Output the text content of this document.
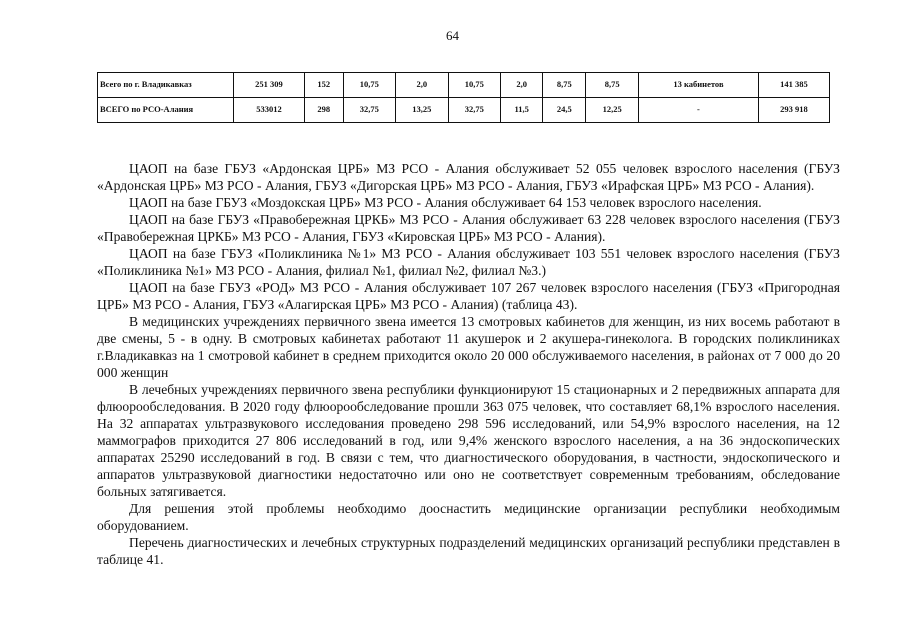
64
Всего по г. Владикавказ	251 309	152	10,75	2,0	10,75	2,0	8,75	8,75	13 кабинетов	141 385
ВСЕГО по РСО-Алания	533012	298	32,75	13,25	32,75	11,5	24,5	12,25	-	293 918

ЦАОП на базе ГБУЗ «Ардонская ЦРБ» МЗ РСО - Алания обслуживает 52 055 человек взрослого населения (ГБУЗ «Ардонская ЦРБ» МЗ РСО - Алания, ГБУЗ «Дигорская ЦРБ» МЗ РСО - Алания, ГБУЗ «Ирафская ЦРБ» МЗ РСО - Алания).

ЦАОП на базе ГБУЗ «Моздокская ЦРБ» МЗ РСО - Алания обслуживает 64 153 человек взрослого населения.

ЦАОП на базе ГБУЗ «Правобережная ЦРКБ» МЗ РСО - Алания обслуживает 63 228 человек взрослого населения (ГБУЗ «Правобережная ЦРКБ» МЗ РСО - Алания, ГБУЗ «Кировская ЦРБ» МЗ РСО - Алания).

ЦАОП на базе ГБУЗ «Поликлиника №1» МЗ РСО - Алания обслуживает 103 551 человек взрослого населения (ГБУЗ «Поликлиника №1» МЗ РСО - Алания, филиал №1, филиал №2, филиал №3.)

ЦАОП на базе ГБУЗ «РОД» МЗ РСО - Алания обслуживает 107 267 человек взрослого населения (ГБУЗ «Пригородная ЦРБ» МЗ РСО - Алания, ГБУЗ «Алагирская ЦРБ» МЗ РСО - Алания) (таблица 43).

В медицинских учреждениях первичного звена имеется 13 смотровых кабинетов для женщин, из них восемь работают в две смены, 5 - в одну. В смотровых кабинетах работают 11 акушерок и 2 акушера-гинеколога. В городских поликлиниках г.Владикавказ на 1 смотровой кабинет в среднем приходится около 20 000 обслуживаемого населения, в районах от 7 000 до 20 000 женщин

В лечебных учреждениях первичного звена республики функционируют 15 стационарных и 2 передвижных аппарата для флюорообследования. В 2020 году флюорообследование прошли 363 075 человек, что составляет 68,1% взрослого населения. На 32 аппаратах ультразвукового исследования проведено 298 596 исследований, или 54,9% взрослого населения, на 12 маммографов приходится 27 806 исследований в год, или 9,4% женского взрослого населения, а на 36 эндоскопических аппаратах 25290 исследований в год. В связи с тем, что диагностического оборудования, в частности, эндоскопического и аппаратов ультразвуковой диагностики недостаточно или оно не соответствует современным требованиям, обследование больных затягивается.

Для решения этой проблемы необходимо дооснастить медицинские организации республики необходимым оборудованием.

Перечень диагностических и лечебных структурных подразделений медицинских организаций республики представлен в таблице 41.
